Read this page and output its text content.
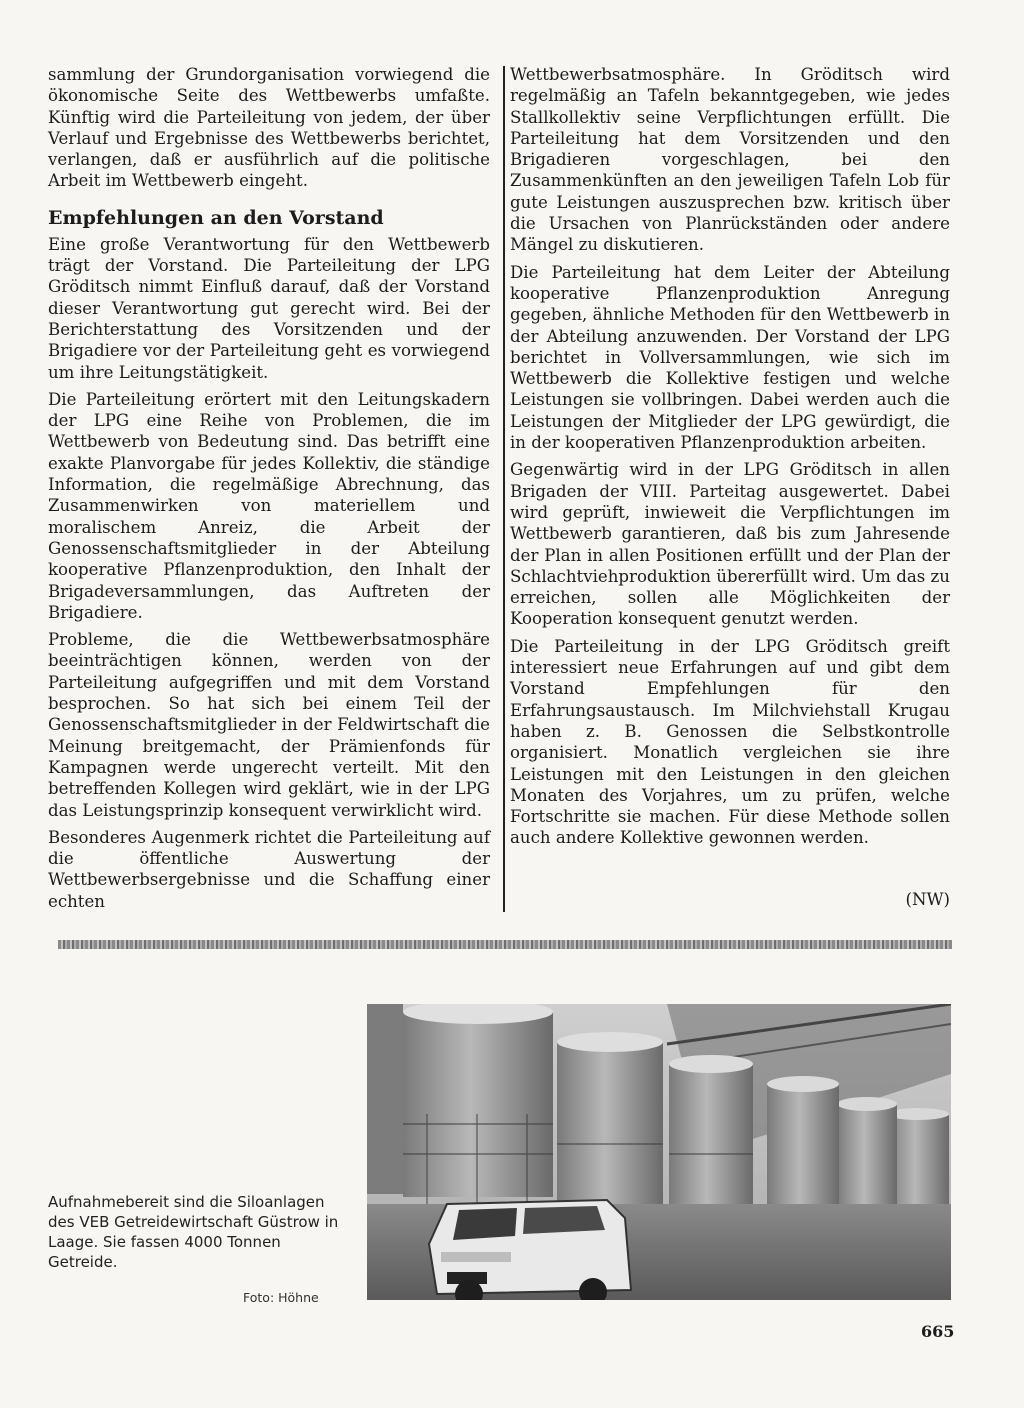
sammlung der Grundorganisation vorwiegend die ökonomische Seite des Wettbewerbs umfaßte. Künftig wird die Parteileitung von jedem, der über Verlauf und Ergebnisse des Wettbewerbs berichtet, verlangen, daß er ausführlich auf die politische Arbeit im Wettbewerb eingeht.

Empfehlungen an den Vorstand

Eine große Verantwortung für den Wettbewerb trägt der Vorstand. Die Parteileitung der LPG Gröditsch nimmt Einfluß darauf, daß der Vorstand dieser Verantwortung gut gerecht wird. Bei der Berichterstattung des Vorsitzenden und der Brigadiere vor der Parteileitung geht es vorwiegend um ihre Leitungstätigkeit.

Die Parteileitung erörtert mit den Leitungskadern der LPG eine Reihe von Problemen, die im Wettbewerb von Bedeutung sind. Das betrifft eine exakte Planvorgabe für jedes Kollektiv, die ständige Information, die regelmäßige Abrechnung, das Zusammenwirken von materiellem und moralischem Anreiz, die Arbeit der Genossenschaftsmitglieder in der Abteilung kooperative Pflanzenproduktion, den Inhalt der Brigadeversammlungen, das Auftreten der Brigadiere.

Probleme, die die Wettbewerbsatmosphäre beeinträchtigen können, werden von der Parteileitung aufgegriffen und mit dem Vorstand besprochen. So hat sich bei einem Teil der Genossenschaftsmitglieder in der Feldwirtschaft die Meinung breitgemacht, der Prämienfonds für Kampagnen werde ungerecht verteilt. Mit den betreffenden Kollegen wird geklärt, wie in der LPG das Leistungsprinzip konsequent verwirklicht wird.

Besonderes Augenmerk richtet die Parteileitung auf die öffentliche Auswertung der Wettbewerbsergebnisse und die Schaffung einer echten

Wettbewerbsatmosphäre. In Gröditsch wird regelmäßig an Tafeln bekanntgegeben, wie jedes Stallkollektiv seine Verpflichtungen erfüllt. Die Parteileitung hat dem Vorsitzenden und den Brigadieren vorgeschlagen, bei den Zusammenkünften an den jeweiligen Tafeln Lob für gute Leistungen auszusprechen bzw. kritisch über die Ursachen von Planrückständen oder andere Mängel zu diskutieren.

Die Parteileitung hat dem Leiter der Abteilung kooperative Pflanzenproduktion Anregung gegeben, ähnliche Methoden für den Wettbewerb in der Abteilung anzuwenden. Der Vorstand der LPG berichtet in Vollversammlungen, wie sich im Wettbewerb die Kollektive festigen und welche Leistungen sie vollbringen. Dabei werden auch die Leistungen der Mitglieder der LPG gewürdigt, die in der kooperativen Pflanzenproduktion arbeiten.

Gegenwärtig wird in der LPG Gröditsch in allen Brigaden der VIII. Parteitag ausgewertet. Dabei wird geprüft, inwieweit die Verpflichtungen im Wettbewerb garantieren, daß bis zum Jahresende der Plan in allen Positionen erfüllt und der Plan der Schlachtviehproduktion übererfüllt wird. Um das zu erreichen, sollen alle Möglichkeiten der Kooperation konsequent genutzt werden.

Die Parteileitung in der LPG Gröditsch greift interessiert neue Erfahrungen auf und gibt dem Vorstand Empfehlungen für den Erfahrungsaustausch. Im Milchviehstall Krugau haben z. B. Genossen die Selbstkontrolle organisiert. Monatlich vergleichen sie ihre Leistungen mit den Leistungen in den gleichen Monaten des Vorjahres, um zu prüfen, welche Fortschritte sie machen. Für diese Methode sollen auch andere Kollektive gewonnen werden.

(NW)
Aufnahmebereit sind die Siloanlagen des VEB Getreidewirtschaft Güstrow in Laage. Sie fassen 4000 Tonnen Getreide.
Foto: Höhne
665
